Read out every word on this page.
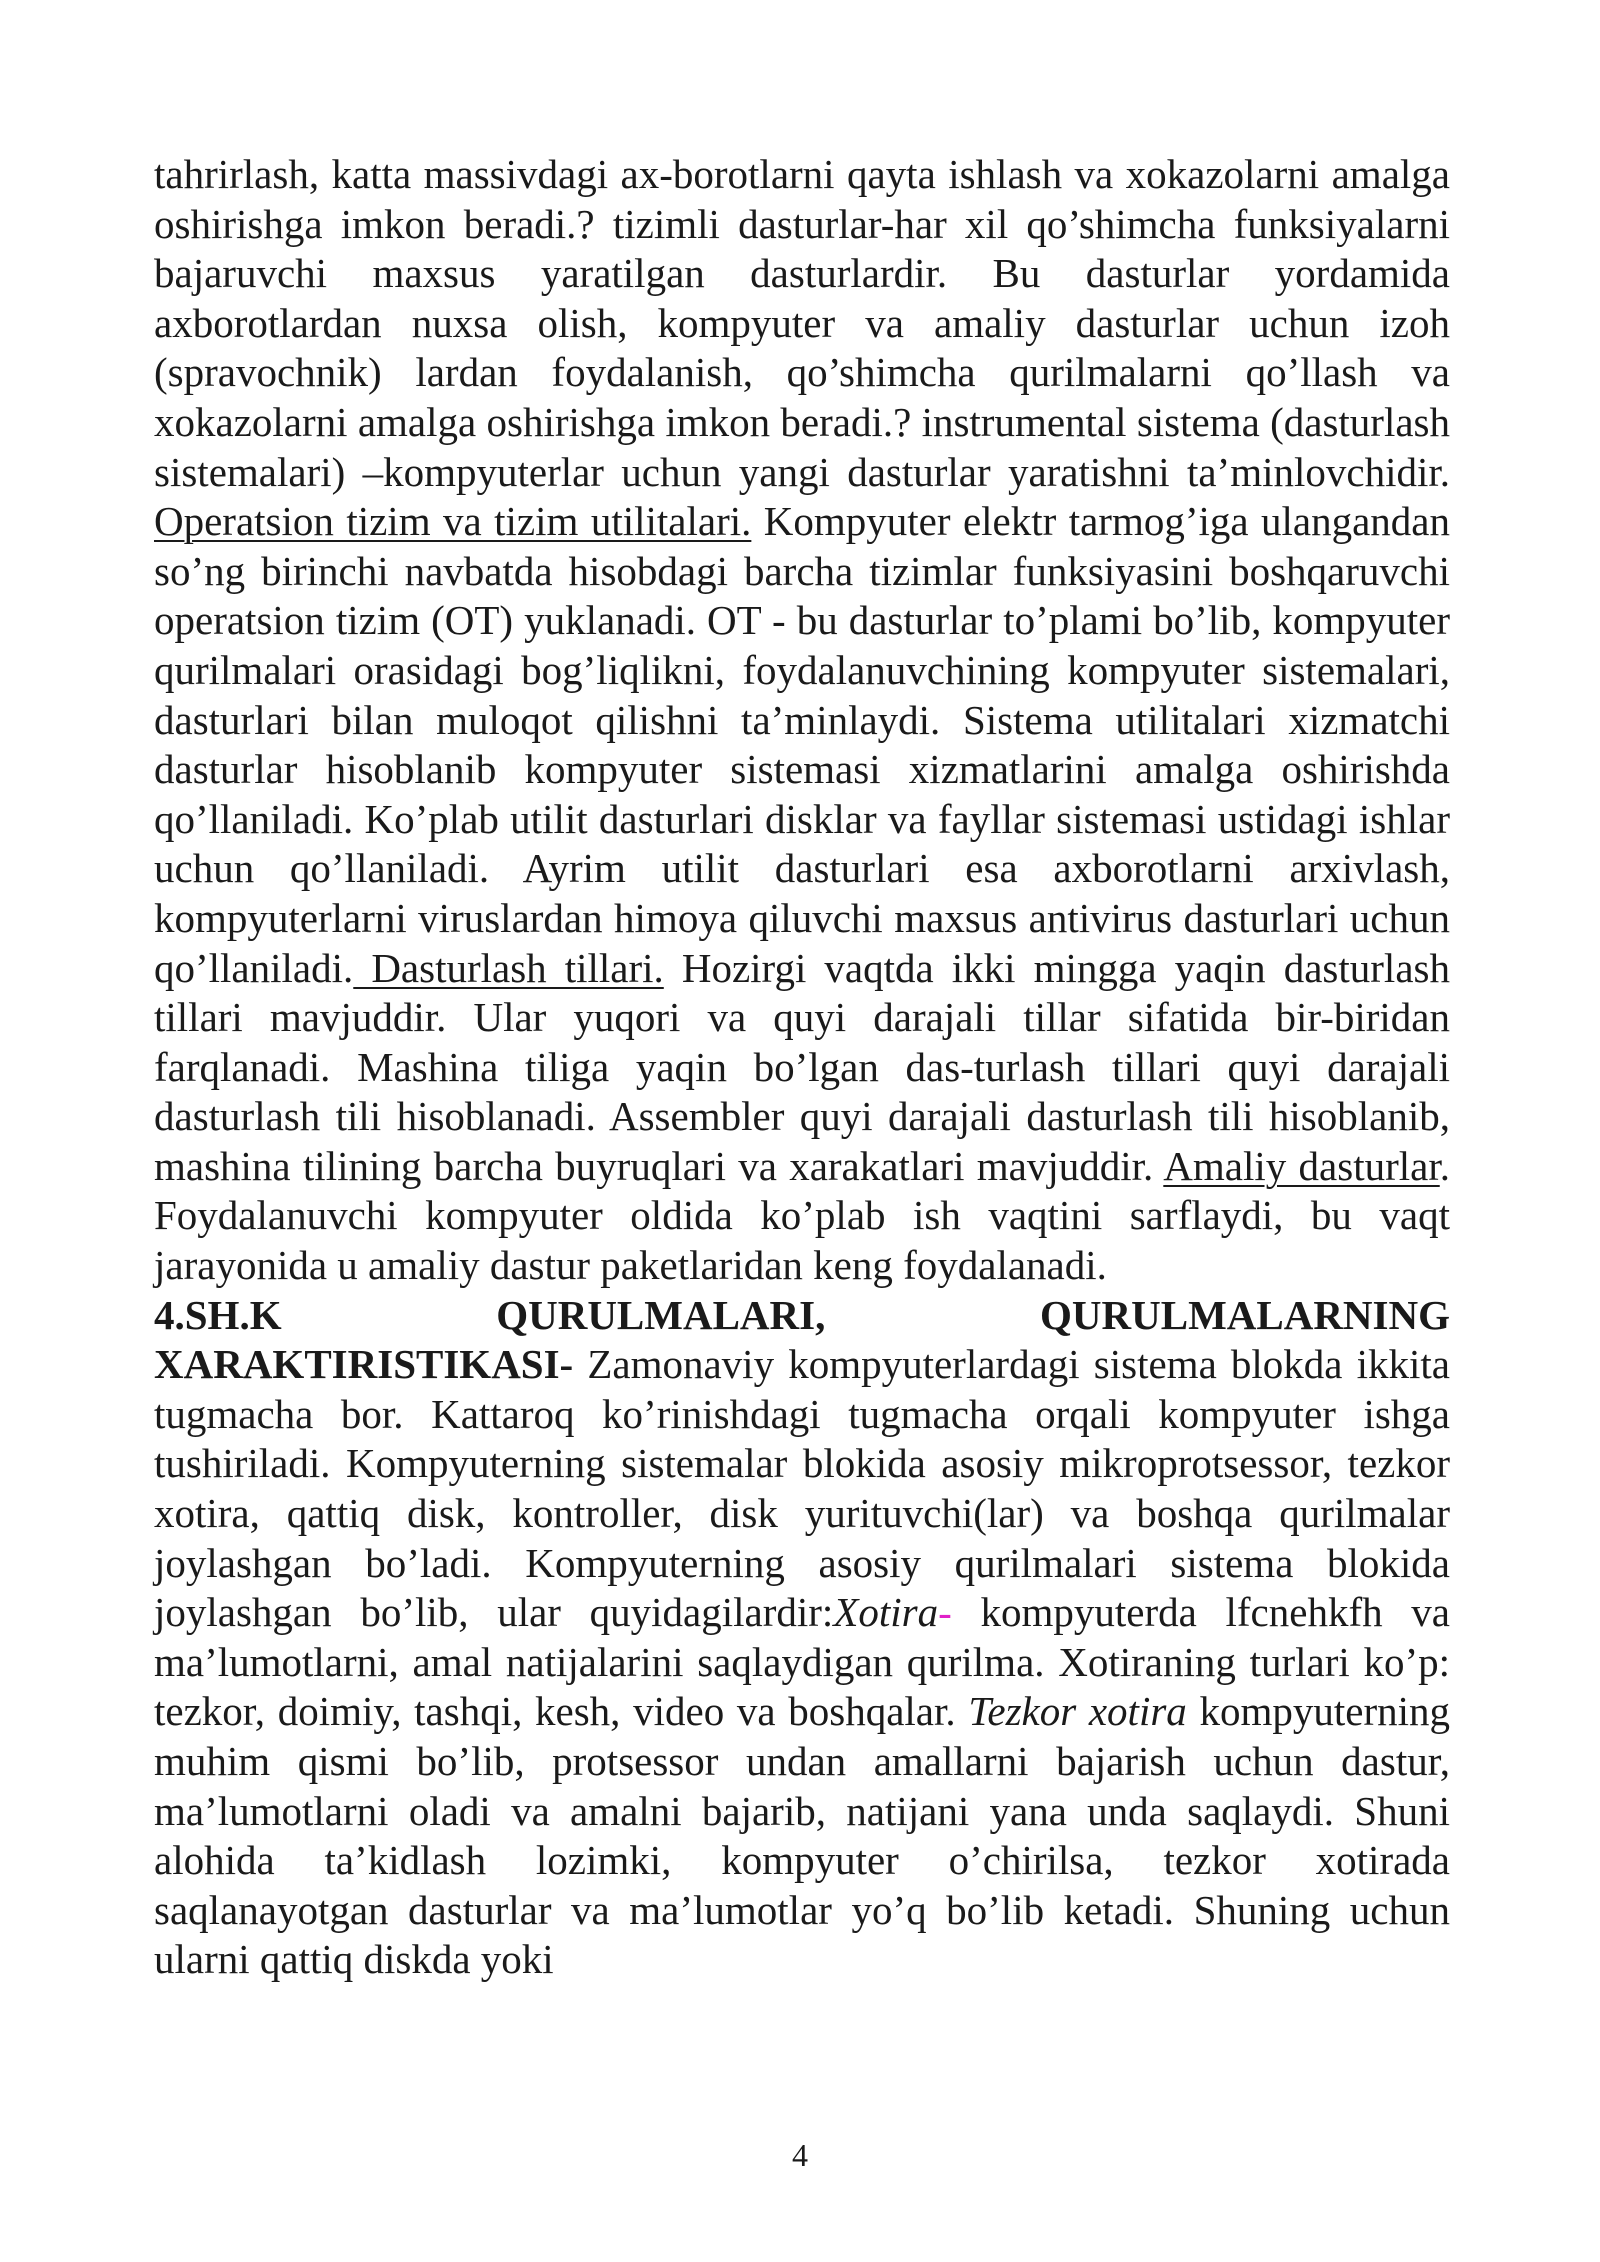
tahrirlash, katta massivdagi ax-borotlarni qayta ishlash va xokazolarni amalga oshirishga imkon beradi.? tizimli dasturlar-har xil qo’shimcha funksiyalarni bajaruvchi maxsus yaratilgan dasturlardir. Bu dasturlar yordamida axborotlardan nuxsa olish, kompyuter va amaliy dasturlar uchun izoh (spravochnik) lardan foydalanish, qo’shimcha qurilmalarni qo’llash va xokazolarni amalga oshirishga imkon beradi.? instrumental sistema (dasturlash sistemalari) –kompyuterlar uchun yangi dasturlar yaratishni ta’minlovchidir. Operatsion tizim va tizim utilitalari. Kompyuter elektr tarmog’iga ulangandan so’ng birinchi navbatda hisobdagi barcha tizimlar funksiyasini boshqaruvchi operatsion tizim (OT) yuklanadi. OT - bu dasturlar to’plami bo’lib, kompyuter qurilmalari orasidagi bog’liqlikni, foydalanuvchining kompyuter sistemalari, dasturlari bilan muloqot qilishni ta’minlaydi. Sistema utilitalari xizmatchi dasturlar hisoblanib kompyuter sistemasi xizmatlarini amalga oshirishda qo’llaniladi. Ko’plab utilit dasturlari disklar va fayllar sistemasi ustidagi ishlar uchun qo’llaniladi. Ayrim utilit dasturlari esa axborotlarni arxivlash, kompyuterlarni viruslardan himoya qiluvchi maxsus antivirus dasturlari uchun qo’llaniladi. Dasturlash tillari. Hozirgi vaqtda ikki mingga yaqin dasturlash tillari mavjuddir. Ular yuqori va quyi darajali tillar sifatida bir-biridan farqlanadi. Mashina tiliga yaqin bo’lgan das-turlash tillari quyi darajali dasturlash tili hisoblanadi. Assembler quyi darajali dasturlash tili hisoblanib, mashina tilining barcha buyruqlari va xarakatlari mavjuddir. Amaliy dasturlar. Foydalanuvchi kompyuter oldida ko’plab ish vaqtini sarflaydi, bu vaqt jarayonida u amaliy dastur paketlaridan keng foydalanadi.

4.SH.K	QURULMALARI,	QURULMALARNING

XARAKTIRISTIKASI- Zamonaviy kompyuterlardagi sistema blokda ikkita tugmacha bor. Kattaroq ko’rinishdagi tugmacha orqali kompyuter ishga tushiriladi. Kompyuterning sistemalar blokida asosiy mikroprotsessor, tezkor xotira, qattiq disk, kontroller, disk yurituvchi(lar) va boshqa qurilmalar joylashgan bo’ladi. Kompyuterning asosiy qurilmalari sistema blokida joylashgan bo’lib, ular quyidagilardir:Xotira- kompyuterda lfcnehkfh va ma’lumotlarni, amal natijalarini saqlaydigan qurilma. Xotiraning turlari ko’p: tezkor, doimiy, tashqi, kesh, video va boshqalar. Tezkor xotira kompyuterning muhim qismi bo’lib, protsessor undan amallarni bajarish uchun dastur, ma’lumotlarni oladi va amalni bajarib, natijani yana unda saqlaydi. Shuni alohida ta’kidlash lozimki, kompyuter o’chirilsa, tezkor xotirada saqlanayotgan dasturlar va ma’lumotlar yo’q bo’lib ketadi. Shuning uchun ularni qattiq diskda yoki

4
